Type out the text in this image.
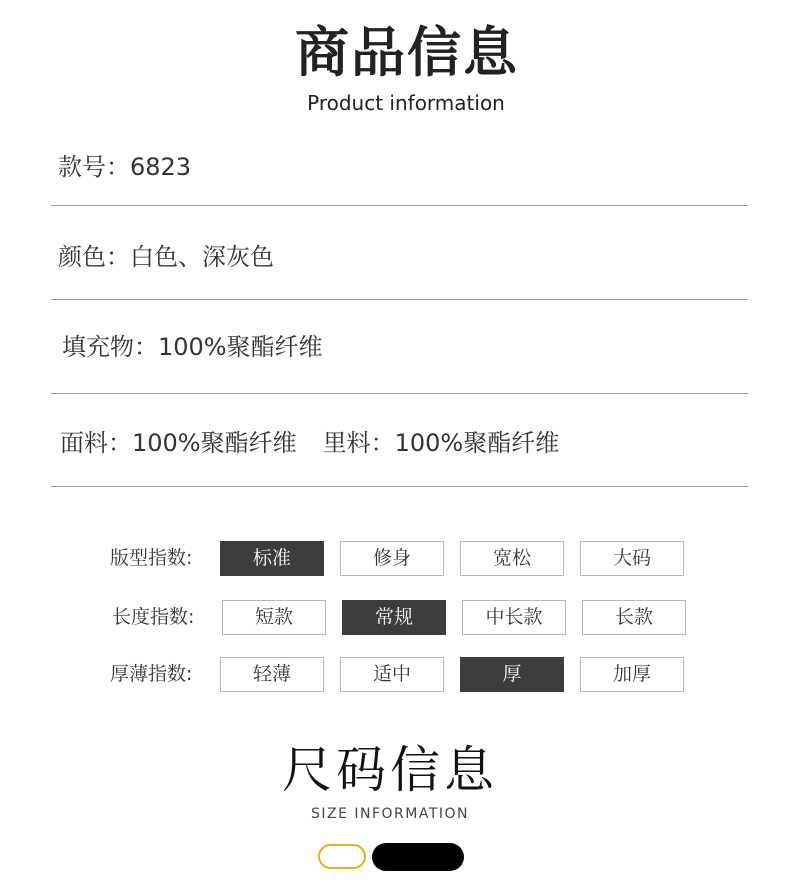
商品信息
Product information
款号：6823
颜色：白色、深灰色
填充物：100%聚酯纤维
面料：100%聚酯纤维 里料：100%聚酯纤维
版型指数:	标准	修身	宽松	大码
长度指数:	短款	常规	中长款	长款
厚薄指数:	轻薄	适中	厚	加厚
尺码信息
SIZE INFORMATION
